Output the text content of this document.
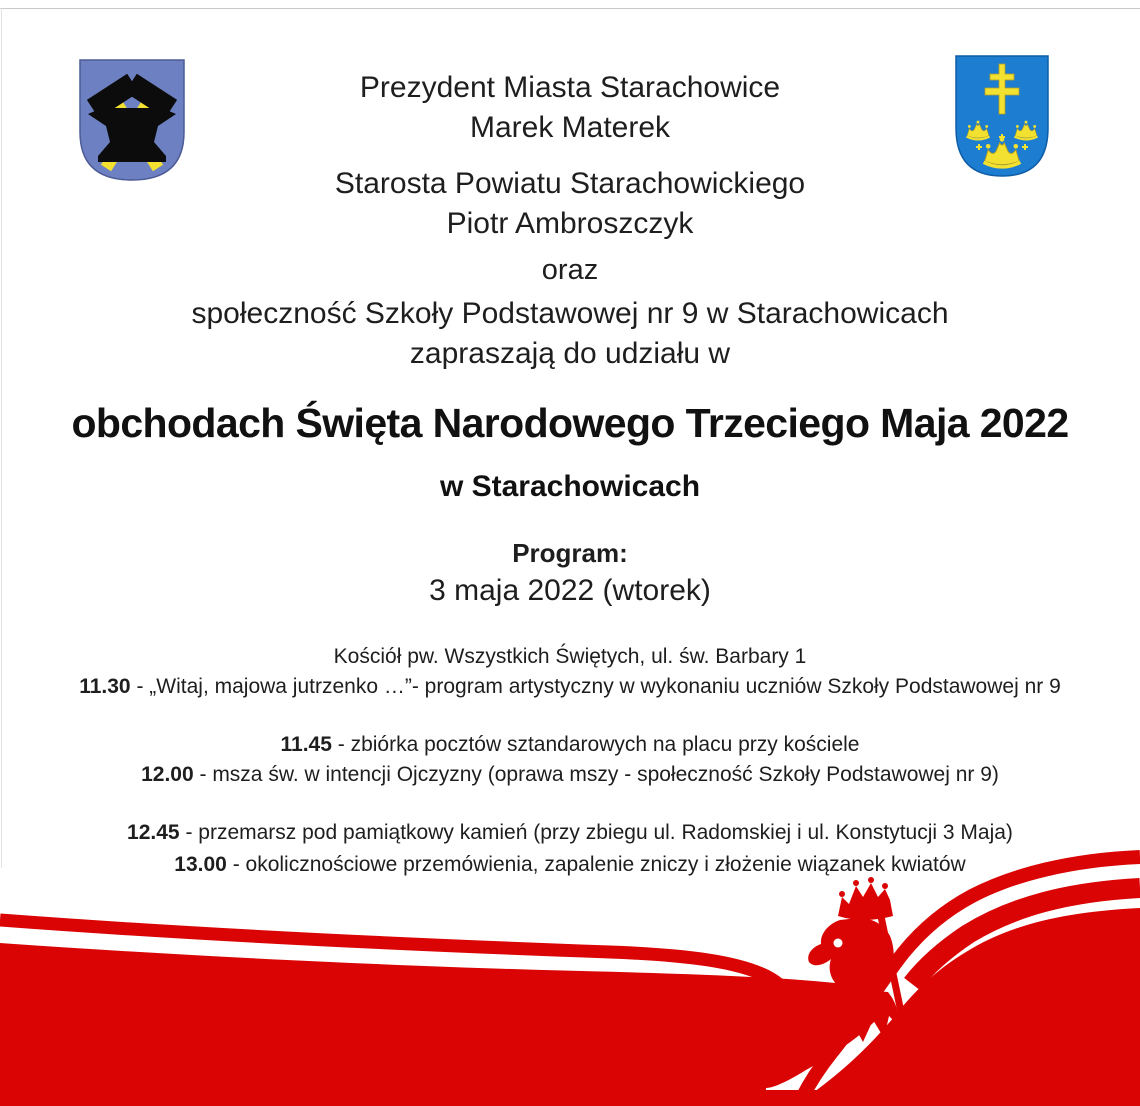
Prezydent Miasta Starachowice

Marek Materek

Starosta Powiatu Starachowickiego

Piotr Ambroszczyk

oraz

społeczność Szkoły Podstawowej nr 9 w Starachowicach

zapraszają do udziału w

obchodach Święta Narodowego Trzeciego Maja 2022

w Starachowicach

Program:

3 maja 2022 (wtorek)

Kościół pw. Wszystkich Świętych, ul. św. Barbary 1

11.30 - „Witaj, majowa jutrzenko …”- program artystyczny w wykonaniu uczniów Szkoły Podstawowej nr 9

11.45 - zbiórka pocztów sztandarowych na placu przy kościele

12.00 - msza św. w intencji Ojczyzny (oprawa mszy - społeczność Szkoły Podstawowej nr 9)

12.45 - przemarsz pod pamiątkowy kamień (przy zbiegu ul. Radomskiej i ul. Konstytucji 3 Maja)

13.00 - okolicznościowe przemówienia, zapalenie zniczy i złożenie wiązanek kwiatów
